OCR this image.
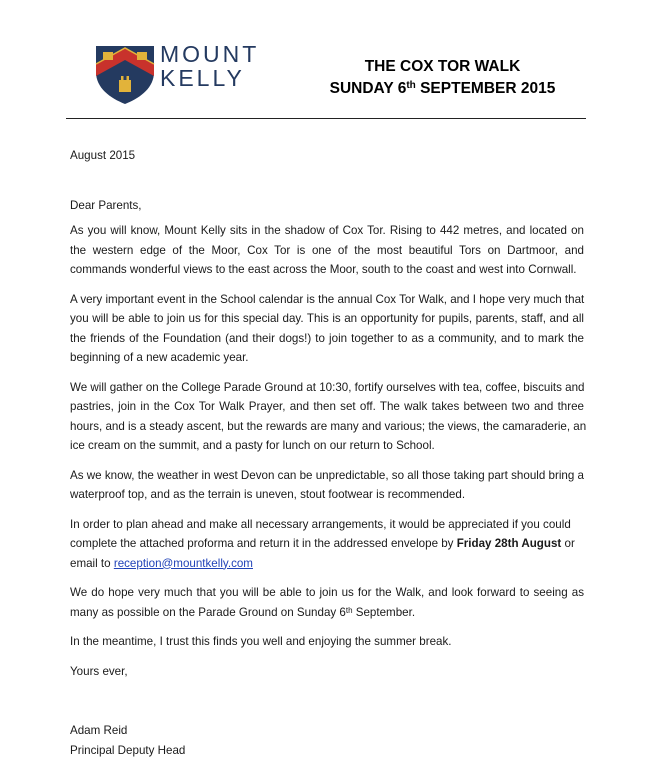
MOUNT
KELLY	THE COX TOR WALK
SUNDAY 6th SEPTEMBER 2015
August 2015
Dear Parents,
As you will know, Mount Kelly sits in the shadow of Cox Tor. Rising to 442 metres, and located on
the western edge of the Moor, Cox Tor is one of the most beautiful Tors on Dartmoor, and
commands wonderful views to the east across the Moor, south to the coast and west into Cornwall.
A very important event in the School calendar is the annual Cox Tor Walk, and I hope very much that
you will be able to join us for this special day. This is an opportunity for pupils, parents, staff, and all
the friends of the Foundation (and their dogs!) to join together to as a community, and to mark the
beginning of a new academic year.
We will gather on the College Parade Ground at 10:30, fortify ourselves with tea, coffee, biscuits and
pastries, join in the Cox Tor Walk Prayer, and then set off. The walk takes between two and three
hours, and is a steady ascent, but the rewards are many and various; the views, the camaraderie, an
ice cream on the summit, and a pasty for lunch on our return to School.
As we know, the weather in west Devon can be unpredictable, so all those taking part should bring a
waterproof top, and as the terrain is uneven, stout footwear is recommended.
In order to plan ahead and make all necessary arrangements, it would be appreciated if you could
complete the attached proforma and return it in the addressed envelope by Friday 28th August or
email to reception@mountkelly.com
We do hope very much that you will be able to join us for the Walk, and look forward to seeing as
many as possible on the Parade Ground on Sunday 6th September.
In the meantime, I trust this finds you well and enjoying the summer break.
Yours ever,
Adam Reid
Principal Deputy Head
